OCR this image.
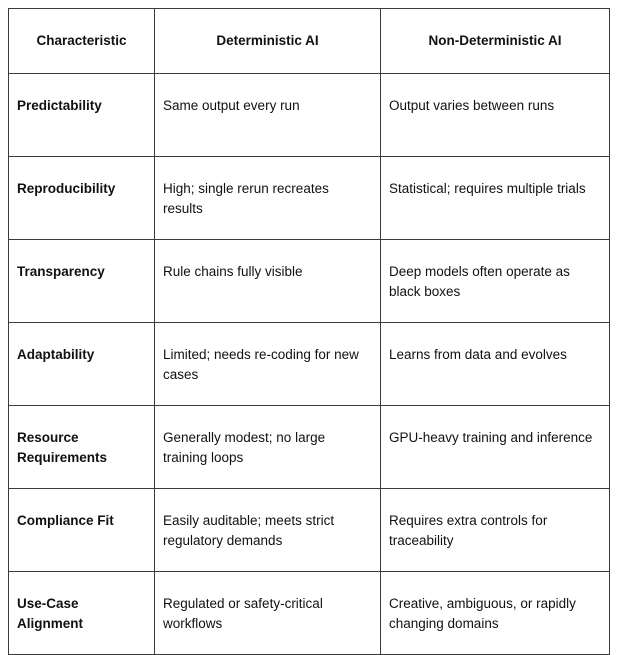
Characteristic	Deterministic AI	Non-Deterministic AI
Predictability	Same output every run	Output varies between runs
Reproducibility	High; single rerun recreates results	Statistical; requires multiple trials
Transparency	Rule chains fully visible	Deep models often operate as black boxes
Adaptability	Limited; needs re-coding for new cases	Learns from data and evolves
Resource Requirements	Generally modest; no large training loops	GPU-heavy training and inference
Compliance Fit	Easily auditable; meets strict regulatory demands	Requires extra controls for traceability
Use-Case Alignment	Regulated or safety-critical workflows	Creative, ambiguous, or rapidly changing domains
